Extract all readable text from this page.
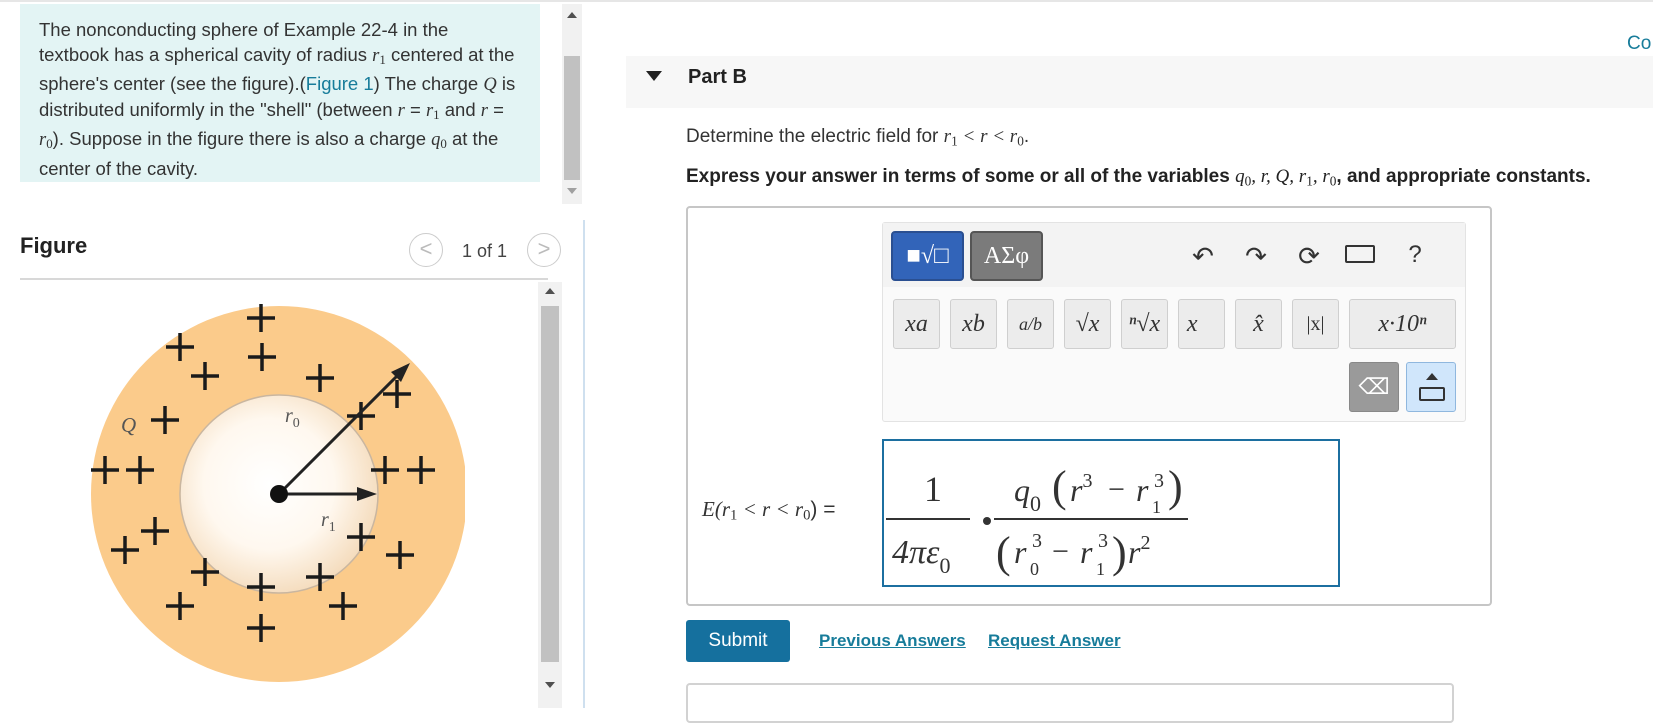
The nonconducting sphere of Example 22-4 in the textbook has a spherical cavity of radius $r_1$ centered at the sphere's center (see the figure).(Figure 1) The charge Q is distributed uniformly in the "shell" (between $r = r_1$ and $r = r_0$). Suppose in the figure there is also a charge $q_0$ at the center of the cavity.

Figure	<	1 of 1	>
Q	$r_0$
$r_1$
Co
Part B
Determine the electric field for $r_1 < r < r_0$.
Express your answer in terms of some or all of the variables $q_0$, r, Q, $r_1$, $r_0$, and appropriate constants.
■√□	ΑΣφ	↶	↷	⟳	?
xa	xb	a/b	√x	ⁿ√x	x⃗	x̂	|x|	x·10ⁿ
⌫
$E(r_1 < r < r_0)$ =
1
$4\pi\varepsilon_0$
$q_0$ ( $r^3 - r$ 3
1 )
( r 3
0
− r 3
1 ) $r^2$
Submit	Previous Answers Request Answer
